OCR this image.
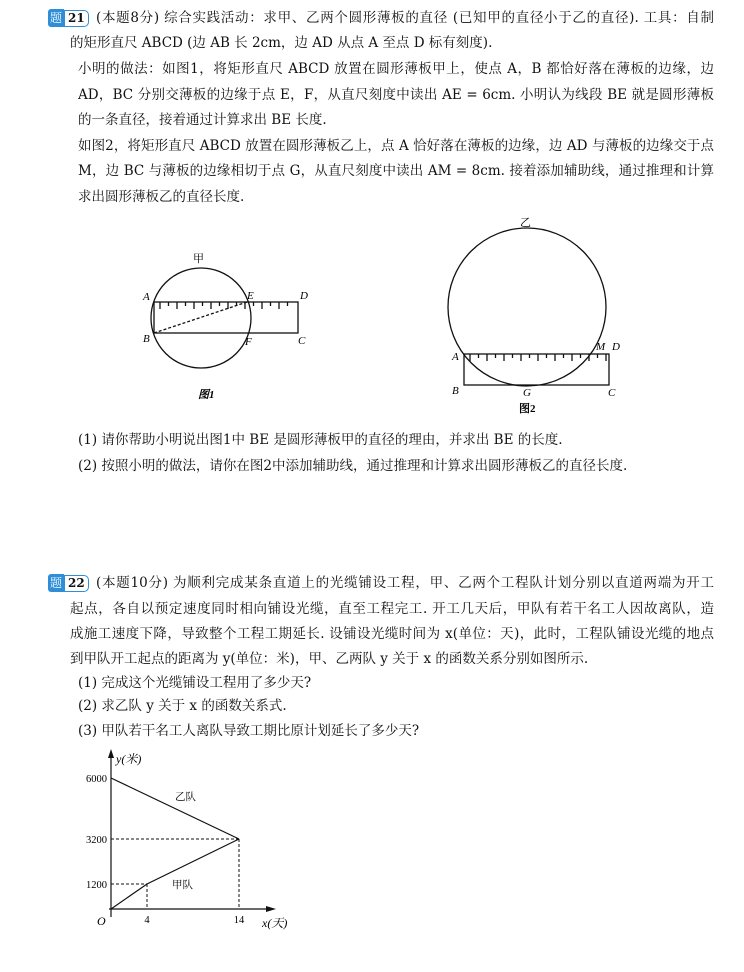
题 21 (本题8分) 综合实践活动：求甲、乙两个圆形薄板的直径 (已知甲的直径小于乙的直径). 工具：自制
的矩形直尺 ABCD (边 AB 长 2cm，边 AD 从点 A 至点 D 标有刻度).
小明的做法：如图1，将矩形直尺 ABCD 放置在圆形薄板甲上，使点 A，B 都恰好落在薄板的边缘，边
AD，BC 分别交薄板的边缘于点 E，F，从直尺刻度中读出 AE = 6cm. 小明认为线段 BE 就是圆形薄板
的一条直径，接着通过计算求出 BE 长度.
如图2，将矩形直尺 ABCD 放置在圆形薄板乙上，点 A 恰好落在薄板的边缘，边 AD 与薄板的边缘交于点
M，边 BC 与薄板的边缘相切于点 G，从直尺刻度中读出 AM = 8cm. 接着添加辅助线，通过推理和计算
求出圆形薄板乙的直径长度.
甲
A
B	C
D
E
F
图1
乙
A
B	C
D
M
G
图2
y(米)
x(天)
O
1200
3200
6000
4	14
乙队
甲队
(1) 请你帮助小明说出图1中 BE 是圆形薄板甲的直径的理由，并求出 BE 的长度.
(2) 按照小明的做法，请你在图2中添加辅助线，通过推理和计算求出圆形薄板乙的直径长度.
题 22 (本题10分) 为顺利完成某条直道上的光缆铺设工程，甲、乙两个工程队计划分别以直道两端为开工
起点，各自以预定速度同时相向铺设光缆，直至工程完工. 开工几天后，甲队有若干名工人因故离队，造
成施工速度下降，导致整个工程工期延长. 设铺设光缆时间为 x(单位：天)，此时，工程队铺设光缆的地点
到甲队开工起点的距离为 y(单位：米)，甲、乙两队 y 关于 x 的函数关系分别如图所示.
(1) 完成这个光缆铺设工程用了多少天?
(2) 求乙队 y 关于 x 的函数关系式.
(3) 甲队若干名工人离队导致工期比原计划延长了多少天?
